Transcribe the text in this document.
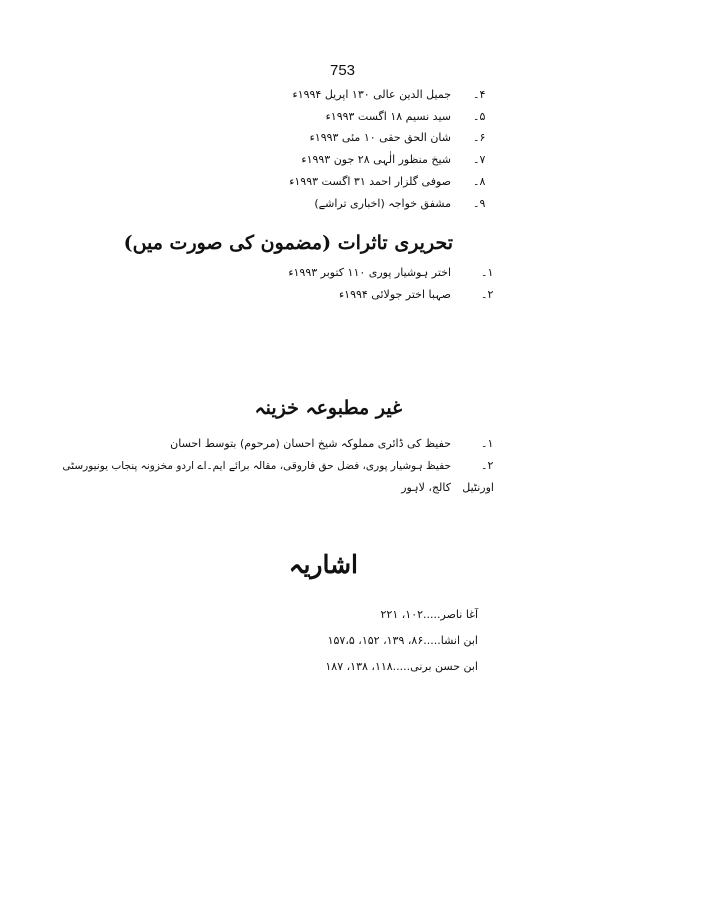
753
۴۔
جمیل الدین عالی ۱۳۰ اپریل ۱۹۹۴ء
۵۔
سید نسیم ۱۸ اگست ۱۹۹۳ء
۶۔
شان الحق حقی ۱۰ مئی ۱۹۹۳ء
۷۔
شیخ منظور الٰہی ۲۸ جون ۱۹۹۳ء
۸۔
صوفی گلزار احمد ۳۱ اگست ۱۹۹۳ء
۹۔
مشفق خواجہ (اخباری تراشے)
تحریری تاثرات (مضمون کی صورت میں)
۱۔
اختر ہوشیار پوری ۱۱۰ کتوبر ۱۹۹۳ء
۲۔
صہبا اختر جولائی ۱۹۹۴ء
غیر مطبوعہ خزینہ
۱۔
حفیظ کی ڈائری مملوکہ شیخ احسان (مرحوم) بتوسط احسان
۲۔
حفیظ ہوشیار پوری، فضل حق فاروقی، مقالہ برائے ایم۔اے اردو مخزونہ پنجاب یونیورسٹی
اورنٹیل
کالج، لاہور
اشاریہ
آغا ناصر.....۱۰۲، ۲۲۱
ابن انشا.....۸۶، ۱۳۹، ۱۵۲، ۱۵۷،۵
ابن حسن برنی.....۱۱۸، ۱۳۸، ۱۸۷
